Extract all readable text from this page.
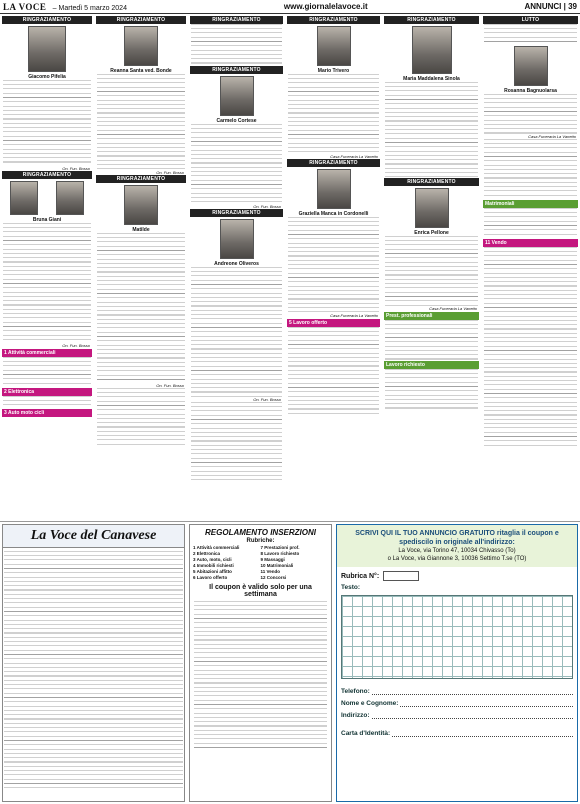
LA VOCE – Martedì 5 marzo 2024	www.giornalelavoce.it	ANNUNCI | 39
RINGRAZIAMENTO
Giacomo Pifelia
On. Fun. Bosso
RINGRAZIAMENTO
Bruna Giani
On. Fun. Bosso
1 Attività commerciali
2 Elettronica
3 Auto moto cicli
RINGRAZIAMENTO
Reanna Santa ved. Bonde
On. Fun. Bosso
RINGRAZIAMENTO
Matilde
On. Fun. Bosso
RINGRAZIAMENTO
RINGRAZIAMENTO
Carmelo Cortese
On. Fun. Bosso
RINGRAZIAMENTO
Andreone Oliveros
On. Fun. Bosso
RINGRAZIAMENTO
Mario Trivero
Casa Funeraria La Vanetto
RINGRAZIAMENTO
Graziella Manca in Cordonelli
Casa Funeraria La Vanetto
5 Lavoro offerto
RINGRAZIAMENTO
Maria Maddalena Sinola
RINGRAZIAMENTO
Enrica Pellone
Casa Funeraria La Vanetto
Prest. professionali
Lavoro richiesto
LUTTO
Rosanna Bagnuolarsa
Casa Funeraria La Vanetto
Matrimoniali
11 Vendo
La Voce del Canavese	REGOLAMENTO INSERZIONI
Rubriche:
1 Attività commerciali
2 Elettronica
3 Auto, moto, cicli
4 Immobili richiesti
5 Abitazioni affitto
6 Lavoro offerto
7 Prestazioni prof.
8 Lavoro richiesto
9 Massaggi
10 Matrimoniali
11 Vendo
12 Concorsi
Il coupon è valido solo per una settimana
SCRIVI QUI IL TUO ANNUNCIO GRATUITO ritaglia il coupon e spediscilo in originale all'indirizzo:
La Voce, via Torino 47, 10034 Chivasso (To)
o La Voce, via Giannone 3, 10036 Settimo T.se (TO)
Rubrica N°:
Testo:
Telefono:
Nome e Cognome:
Indirizzo:
Carta d'Identità:
